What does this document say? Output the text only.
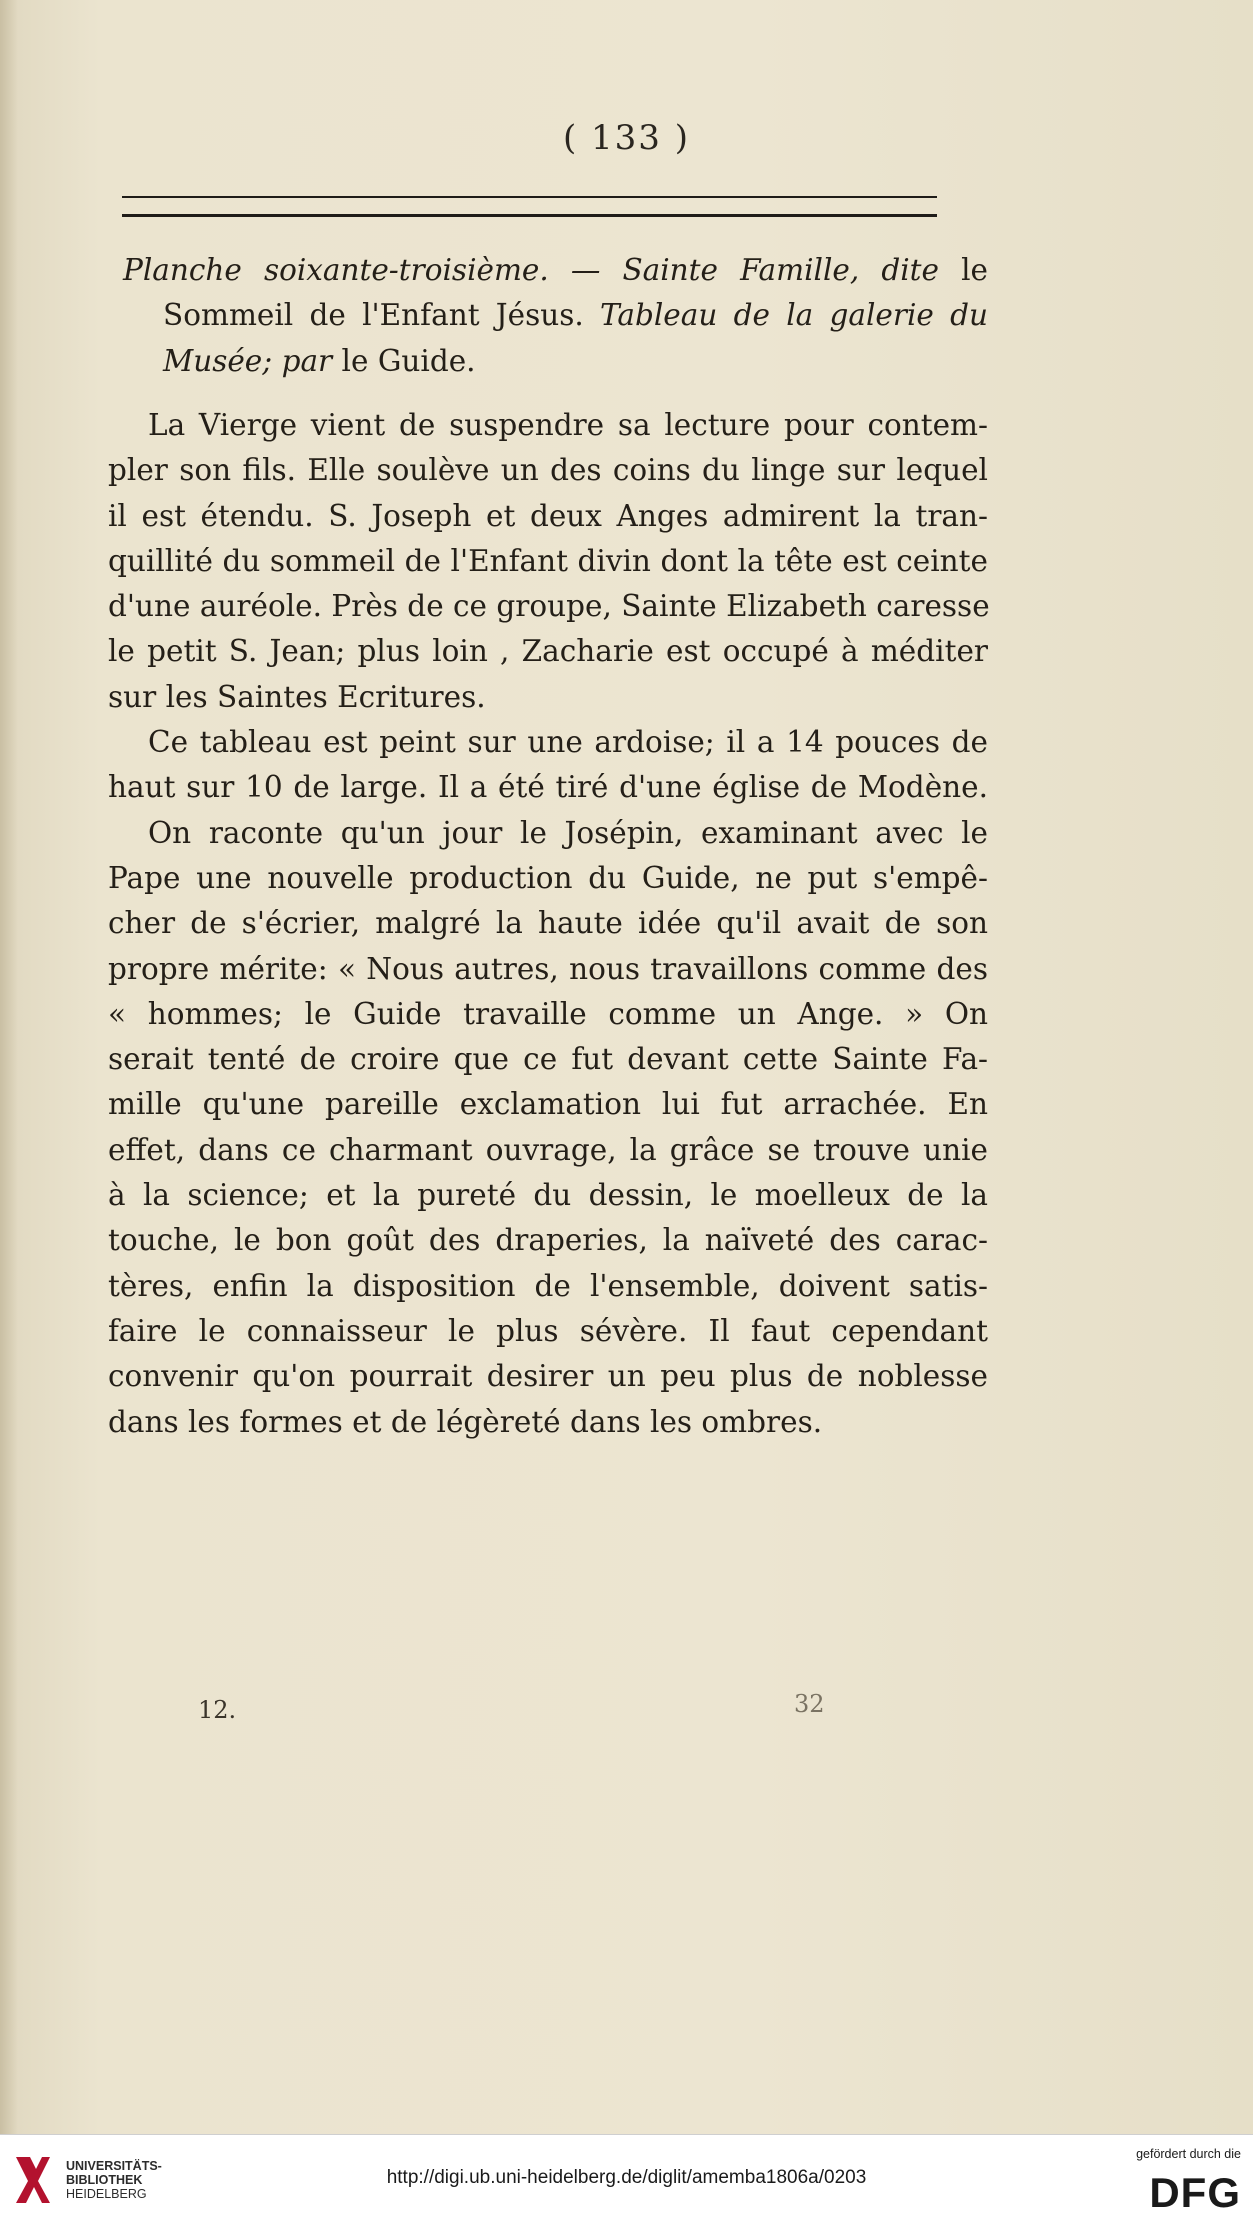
( 133 )
Planche soixante-troisième. — Sainte Famille, dite le
Sommeil de l'Enfant Jésus. Tableau de la galerie du
Musée; par le Guide.
La Vierge vient de suspendre sa lecture pour contem-
pler son fils. Elle soulève un des coins du linge sur lequel
il est étendu. S. Joseph et deux Anges admirent la tran-
quillité du sommeil de l'Enfant divin dont la tête est ceinte
d'une auréole. Près de ce groupe, Sainte Elizabeth caresse
le petit S. Jean; plus loin , Zacharie est occupé à méditer
sur les Saintes Ecritures.
Ce tableau est peint sur une ardoise; il a 14 pouces de
haut sur 10 de large. Il a été tiré d'une église de Modène.
On raconte qu'un jour le Josépin, examinant avec le
Pape une nouvelle production du Guide, ne put s'empê-
cher de s'écrier, malgré la haute idée qu'il avait de son
propre mérite: « Nous autres, nous travaillons comme des
« hommes; le Guide travaille comme un Ange. » On
serait tenté de croire que ce fut devant cette Sainte Fa-
mille qu'une pareille exclamation lui fut arrachée. En
effet, dans ce charmant ouvrage, la grâce se trouve unie
à la science; et la pureté du dessin, le moelleux de la
touche, le bon goût des draperies, la naïveté des carac-
tères, enfin la disposition de l'ensemble, doivent satis-
faire le connaisseur le plus sévère. Il faut cependant
convenir qu'on pourrait desirer un peu plus de noblesse
dans les formes et de légèreté dans les ombres.
12.	32
UNIVERSITÄTS-
BIBLIOTHEK
HEIDELBERG
http://digi.ub.uni-heidelberg.de/diglit/amemba1806a/0203
gefördert durch die
DFG
